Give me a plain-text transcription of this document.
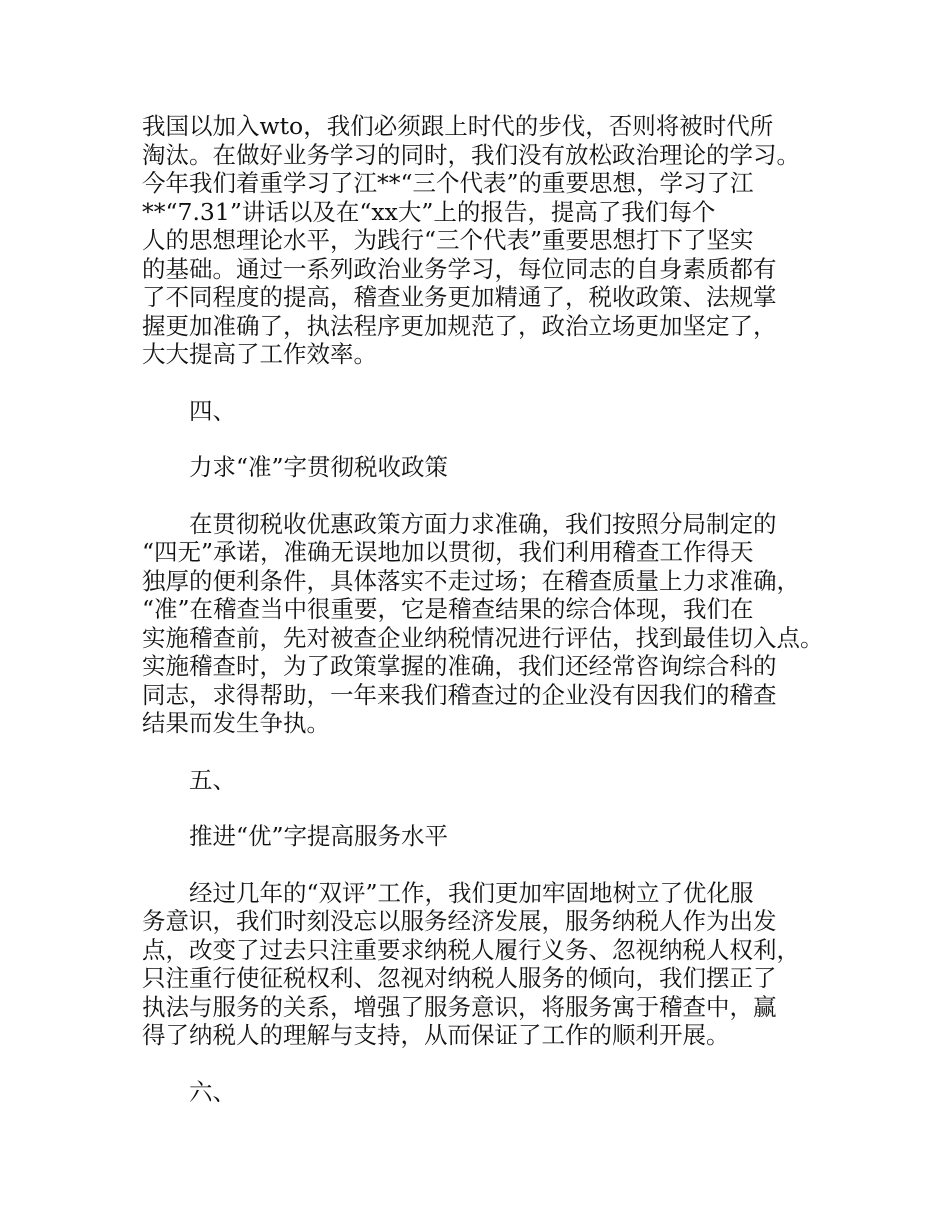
我国以加入wto，我们必须跟上时代的步伐，否则将被时代所
淘汰。在做好业务学习的同时，我们没有放松政治理论的学习。
今年我们着重学习了江**“三个代表”的重要思想，学习了江
**“7.31”讲话以及在“xx大”上的报告，提高了我们每个
人的思想理论水平，为践行“三个代表”重要思想打下了坚实
的基础。通过一系列政治业务学习，每位同志的自身素质都有
了不同程度的提高，稽查业务更加精通了，税收政策、法规掌
握更加准确了，执法程序更加规范了，政治立场更加坚定了，
大大提高了工作效率。

四、

力求“准”字贯彻税收政策

在贯彻税收优惠政策方面力求准确，我们按照分局制定的
“四无”承诺，准确无误地加以贯彻，我们利用稽查工作得天
独厚的便利条件，具体落实不走过场；在稽查质量上力求准确，
“准”在稽查当中很重要，它是稽查结果的综合体现，我们在
实施稽查前，先对被查企业纳税情况进行评估，找到最佳切入点。
实施稽查时，为了政策掌握的准确，我们还经常咨询综合科的
同志，求得帮助，一年来我们稽查过的企业没有因我们的稽查
结果而发生争执。

五、

推进“优”字提高服务水平

经过几年的“双评”工作，我们更加牢固地树立了优化服
务意识，我们时刻没忘以服务经济发展，服务纳税人作为出发
点，改变了过去只注重要求纳税人履行义务、忽视纳税人权利，
只注重行使征税权利、忽视对纳税人服务的倾向，我们摆正了
执法与服务的关系，增强了服务意识，将服务寓于稽查中，赢
得了纳税人的理解与支持，从而保证了工作的顺利开展。

六、
